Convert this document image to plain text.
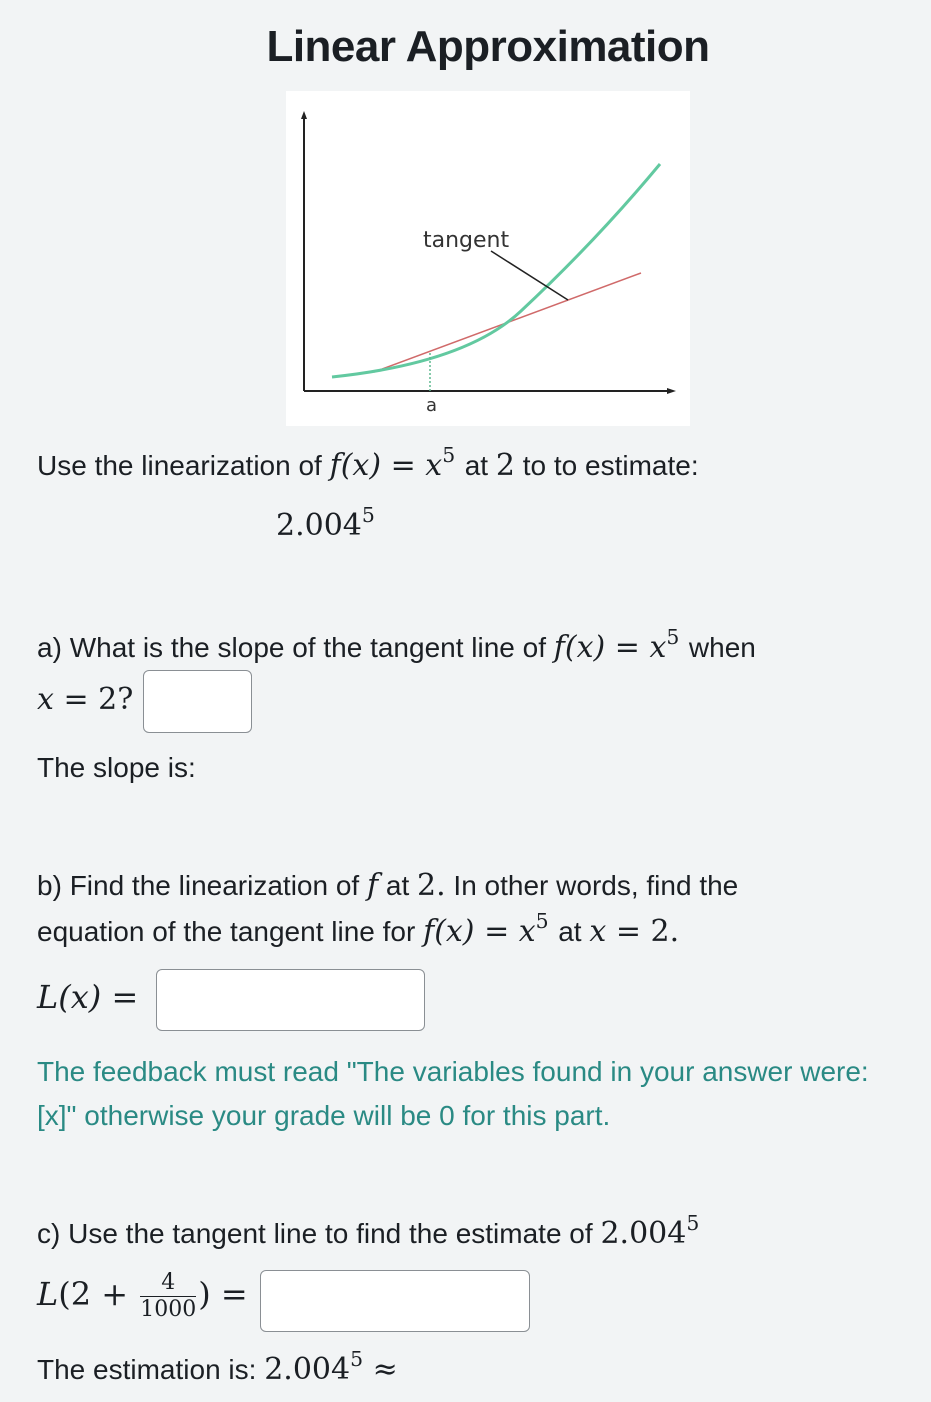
Linear Approximation
tangent
a
Use the linearization of $f(x) = x^5$ at 2 to to estimate:
2.004$^5$
a) What is the slope of the tangent line of $f(x) = x^5$ when
x = 2?
The slope is:
b) Find the linearization of f at 2. In other words, find the
equation of the tangent line for $f(x) = x^5$ at x = 2.
L(x) =
The feedback must read "The variables found in your answer were: [x]" otherwise your grade will be 0 for this part.
c) Use the tangent line to find the estimate of 2.004$^5$
$L(2 + \frac{4}{1000}$ ) =
The estimation is: $2.004^5$ ≈
